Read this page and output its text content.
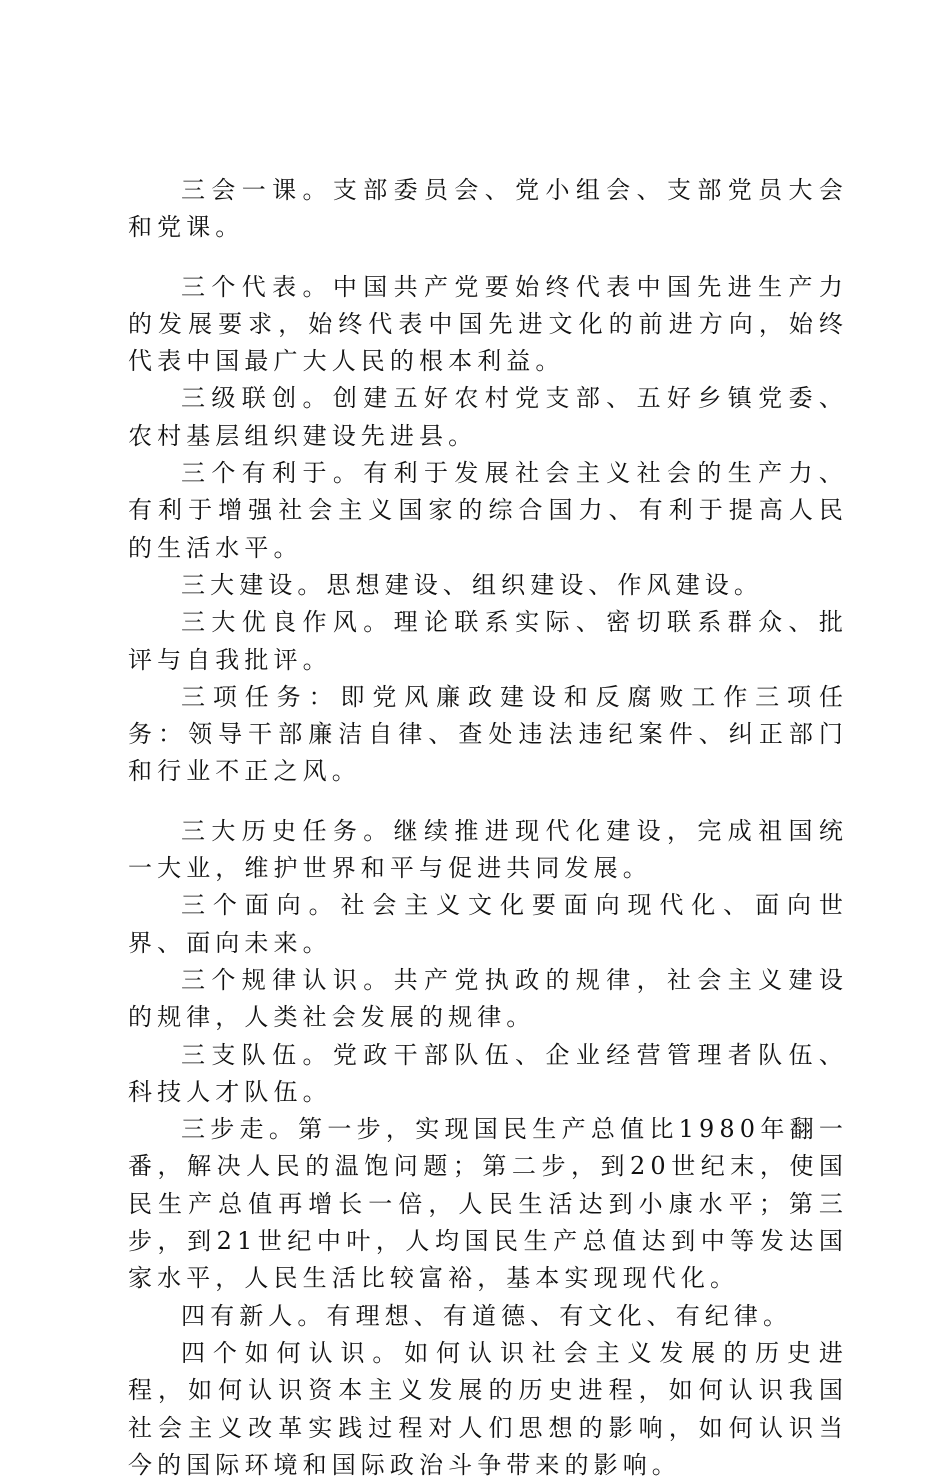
三会一课。支部委员会、党小组会、支部党员大会和党课。

三个代表。中国共产党要始终代表中国先进生产力的发展要求，始终代表中国先进文化的前进方向，始终代表中国最广大人民的根本利益。

三级联创。创建五好农村党支部、五好乡镇党委、农村基层组织建设先进县。

三个有利于。有利于发展社会主义社会的生产力、有利于增强社会主义国家的综合国力、有利于提高人民的生活水平。

三大建设。思想建设、组织建设、作风建设。

三大优良作风。理论联系实际、密切联系群众、批评与自我批评。

三项任务：即党风廉政建设和反腐败工作三项任务：领导干部廉洁自律、查处违法违纪案件、纠正部门和行业不正之风。

三大历史任务。继续推进现代化建设，完成祖国统一大业，维护世界和平与促进共同发展。

三个面向。社会主义文化要面向现代化、面向世界、面向未来。

三个规律认识。共产党执政的规律，社会主义建设的规律，人类社会发展的规律。

三支队伍。党政干部队伍、企业经营管理者队伍、科技人才队伍。

三步走。第一步，实现国民生产总值比1980年翻一番，解决人民的温饱问题；第二步，到20世纪末，使国民生产总值再增长一倍，人民生活达到小康水平；第三步，到21世纪中叶，人均国民生产总值达到中等发达国家水平，人民生活比较富裕，基本实现现代化。

四有新人。有理想、有道德、有文化、有纪律。

四个如何认识。如何认识社会主义发展的历史进程，如何认识资本主义发展的历史进程，如何认识我国社会主义改革实践过程对人们思想的影响，如何认识当今的国际环境和国际政治斗争带来的影响。
